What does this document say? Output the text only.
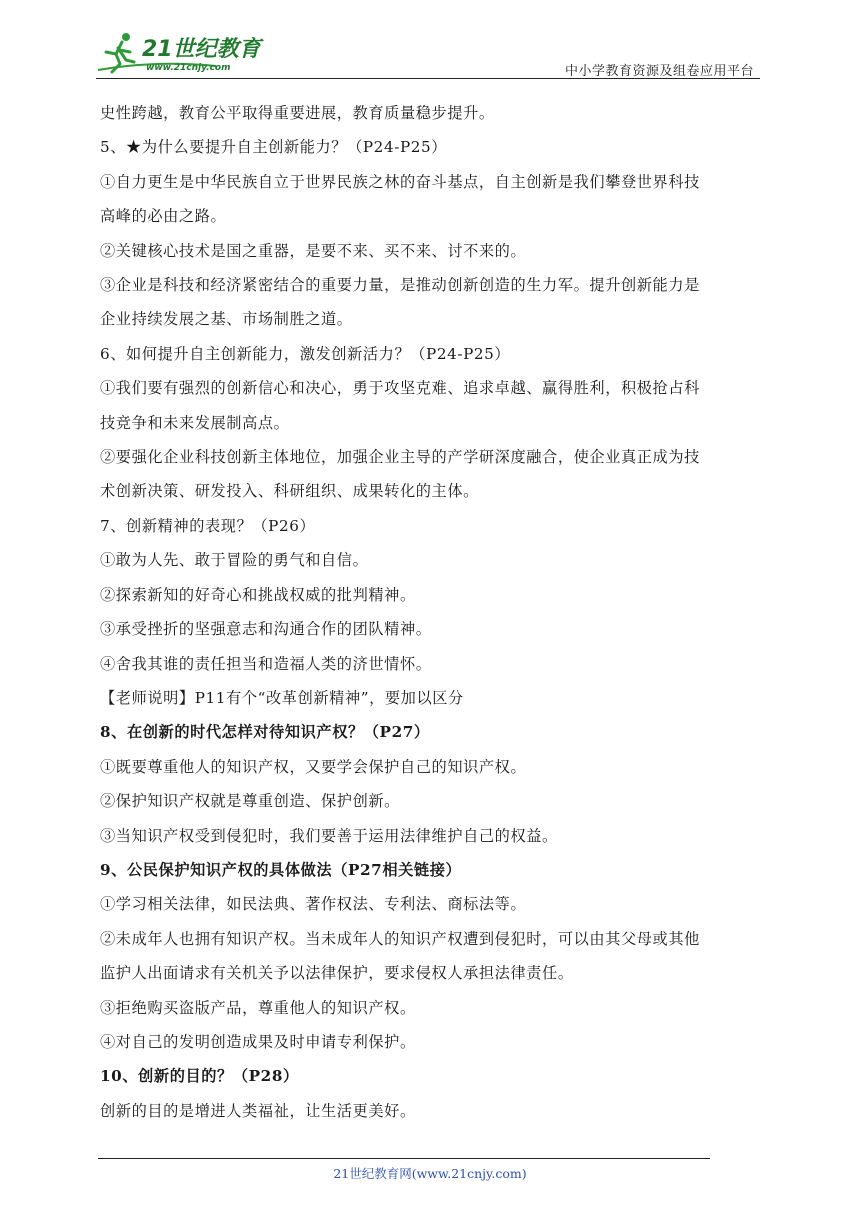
21世纪教育
www.21cnjy.com	中小学教育资源及组卷应用平台
史性跨越，教育公平取得重要进展，教育质量稳步提升。
5、★为什么要提升自主创新能力？（P24-P25）
①自力更生是中华民族自立于世界民族之林的奋斗基点，自主创新是我们攀登世界科技
高峰的必由之路。
②关键核心技术是国之重器，是要不来、买不来、讨不来的。
③企业是科技和经济紧密结合的重要力量，是推动创新创造的生力军。提升创新能力是
企业持续发展之基、市场制胜之道。
6、如何提升自主创新能力，激发创新活力？（P24-P25）
①我们要有强烈的创新信心和决心，勇于攻坚克难、追求卓越、赢得胜利，积极抢占科
技竞争和未来发展制高点。
②要强化企业科技创新主体地位，加强企业主导的产学研深度融合，使企业真正成为技
术创新决策、研发投入、科研组织、成果转化的主体。
7、创新精神的表现？（P26）
①敢为人先、敢于冒险的勇气和自信。
②探索新知的好奇心和挑战权威的批判精神。
③承受挫折的坚强意志和沟通合作的团队精神。
④舍我其谁的责任担当和造福人类的济世情怀。
【老师说明】P11有个“改革创新精神”，要加以区分
8、在创新的时代怎样对待知识产权？（P27）
①既要尊重他人的知识产权，又要学会保护自己的知识产权。
②保护知识产权就是尊重创造、保护创新。
③当知识产权受到侵犯时，我们要善于运用法律维护自己的权益。
9、公民保护知识产权的具体做法（P27相关链接）
①学习相关法律，如民法典、著作权法、专利法、商标法等。
②未成年人也拥有知识产权。当未成年人的知识产权遭到侵犯时，可以由其父母或其他
监护人出面请求有关机关予以法律保护，要求侵权人承担法律责任。
③拒绝购买盗版产品，尊重他人的知识产权。
④对自己的发明创造成果及时申请专利保护。
10、创新的目的？（P28）
创新的目的是增进人类福祉，让生活更美好。
21世纪教育网(www.21cnjy.com)
